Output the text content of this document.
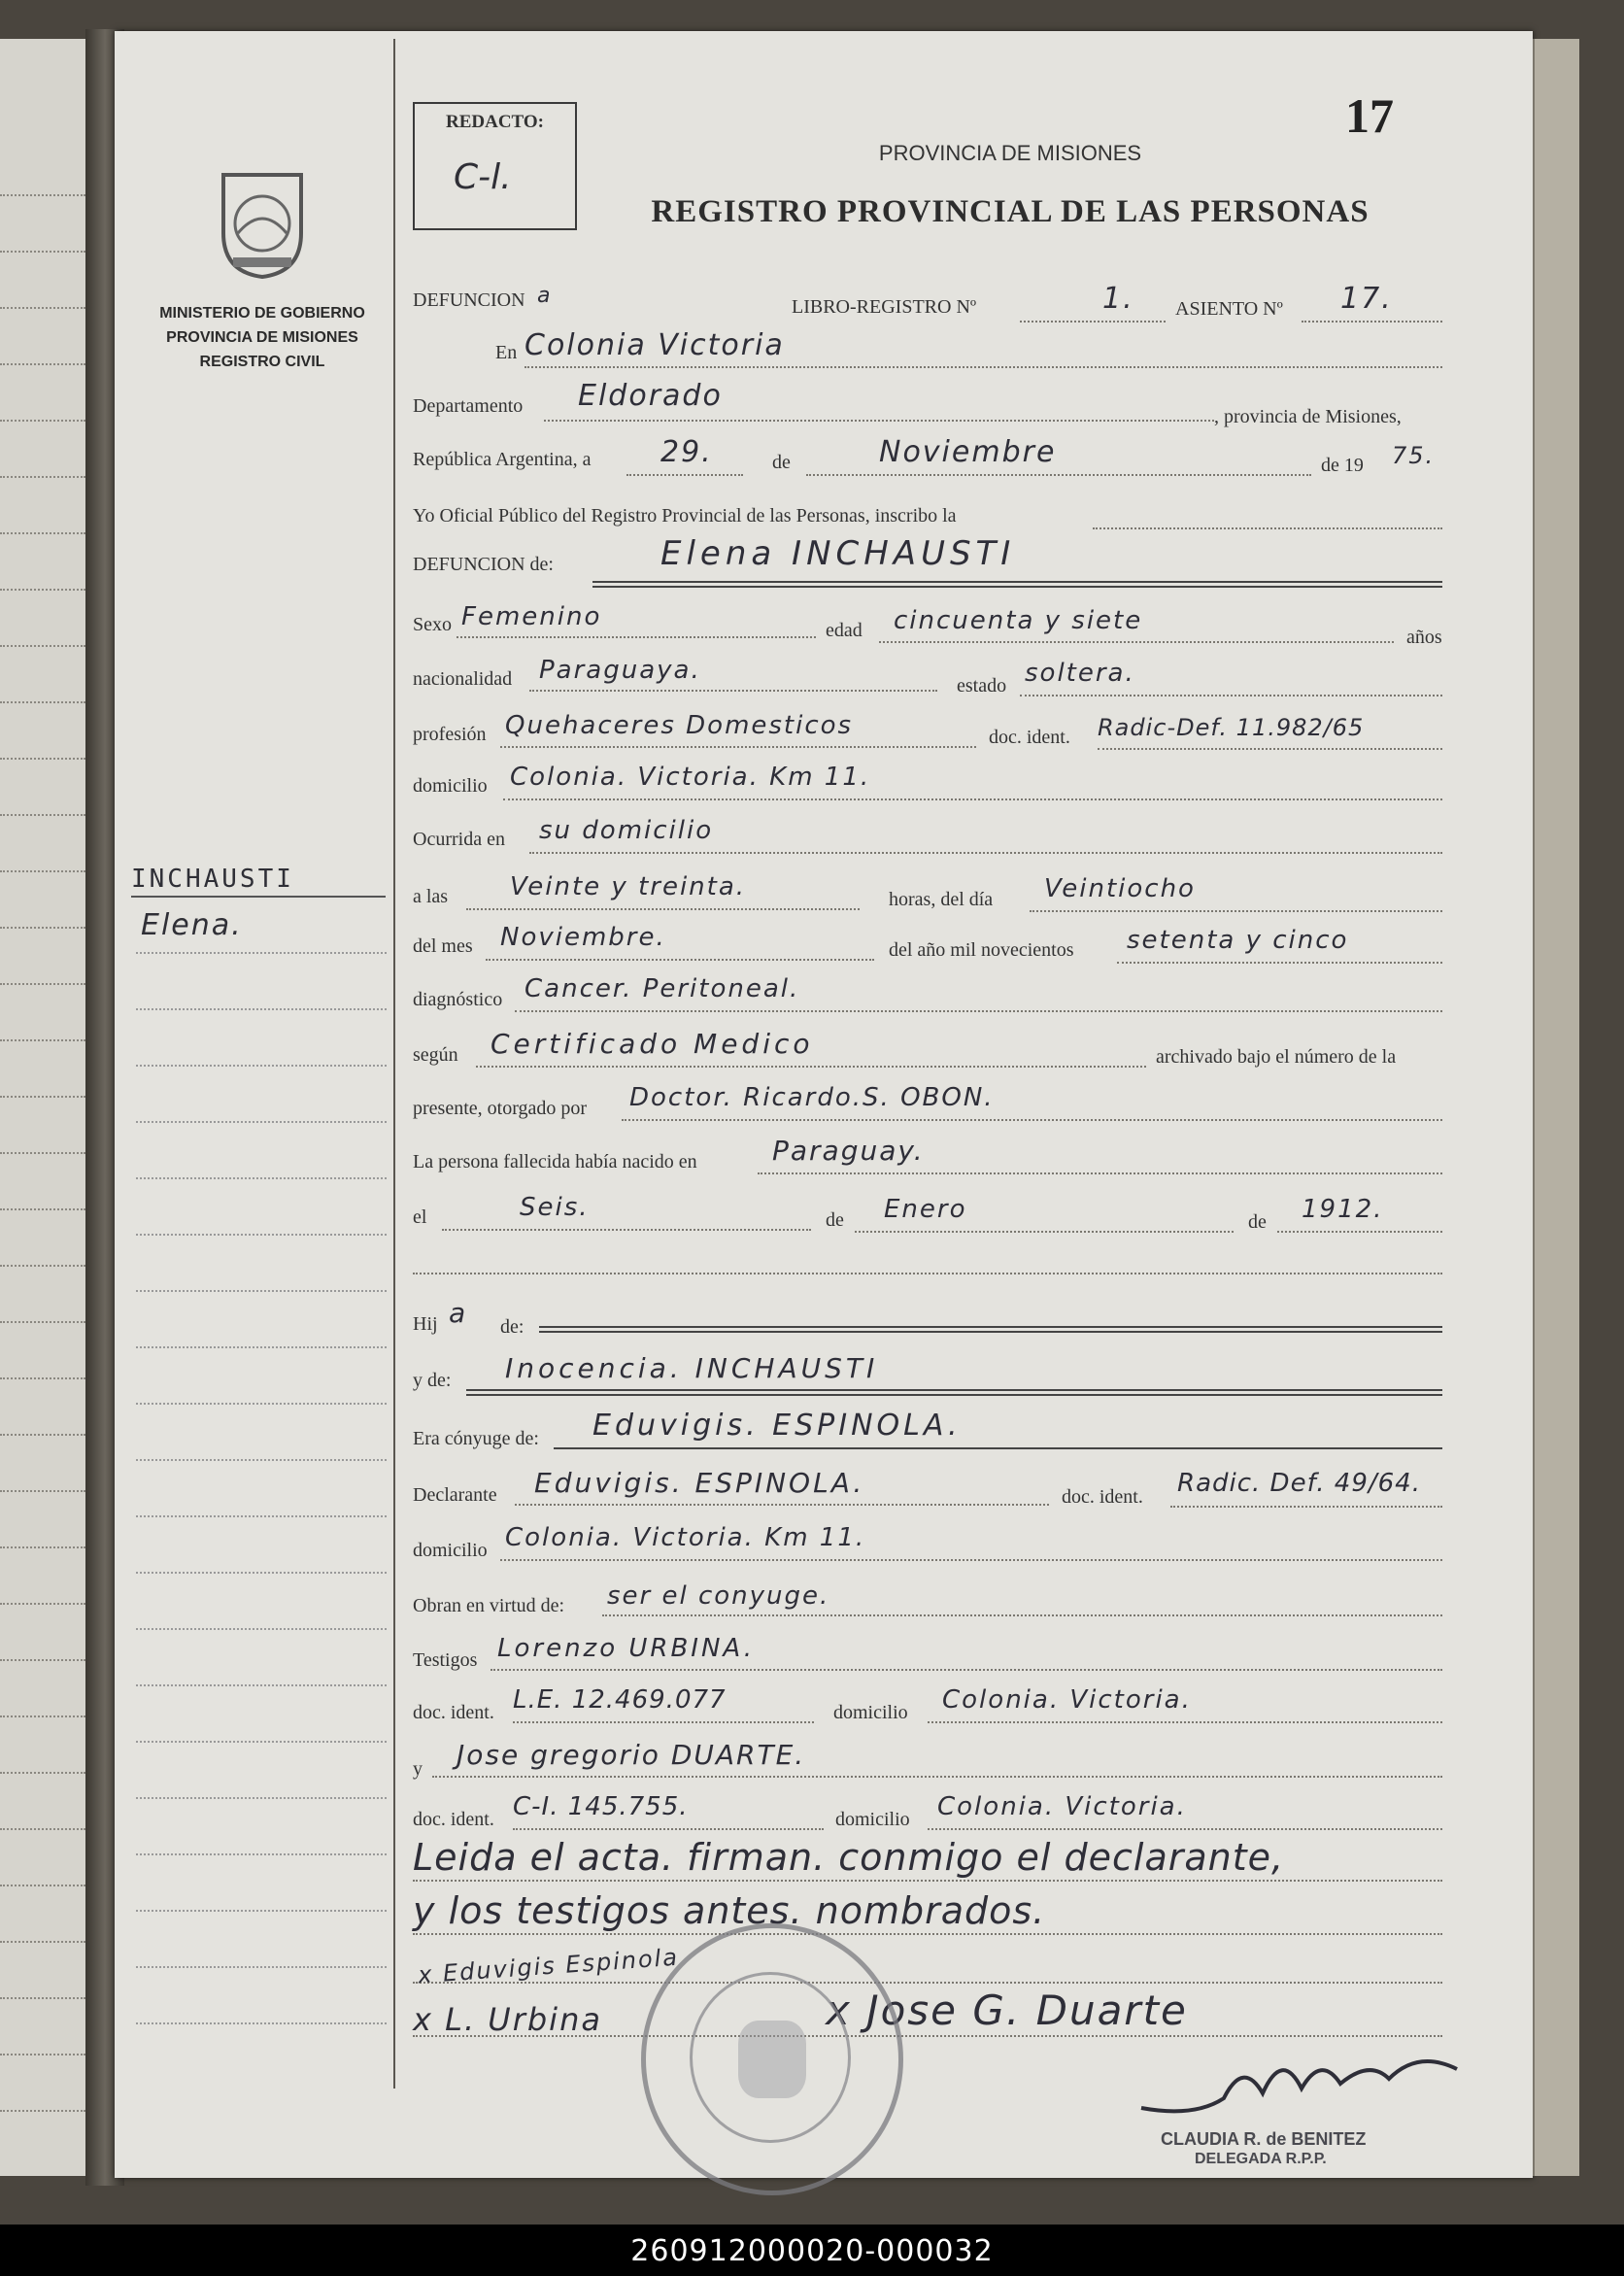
MINISTERIO DE GOBIERNO
PROVINCIA DE MISIONES
REGISTRO CIVIL
INCHAUSTI
Elena.
REDACTO:
C-l.
17
PROVINCIA DE MISIONES
REGISTRO PROVINCIAL DE LAS PERSONAS
DEFUNCION a	LIBRO-REGISTRO Nº	1. ASIENTO Nº 17.
En Colonia Victoria
Departamento Eldorado
, provincia de Misiones,
República Argentina, a 29.	de	Noviembre	de 19 75.
Yo Oficial Público del Registro Provincial de las Personas, inscribo la
DEFUNCION de:	Elena INCHAUSTI
Sexo Femenino	edad cincuenta y siete
años
nacionalidad Paraguaya.
estado soltera.
profesión Quehaceres Domesticos	doc. ident. Radic-Def. 11.982/65
domicilio Colonia. Victoria. Km 11.
Ocurrida en su domicilio
a las Veinte y treinta.	horas, del día Veintiocho
del mes Noviembre.	del año mil novecientos setenta y cinco
diagnóstico Cancer. Peritoneal.
según Certificado Medico	archivado bajo el número de la
presente, otorgado por Doctor. Ricardo.S. OBON.
La persona fallecida había nacido en	Paraguay.
el	Seis.	de Enero	de 1912.
Hij a de:
y de: Inocencia. INCHAUSTI
Era cónyuge de: Eduvigis. ESPINOLA.
Declarante Eduvigis. ESPINOLA.	doc. ident. Radic. Def. 49/64.
domicilio Colonia. Victoria. Km 11.
Obran en virtud de: ser el conyuge.
Testigos Lorenzo URBINA.
doc. ident. L.E. 12.469.077	domicilio Colonia. Victoria.
y Jose gregorio DUARTE.
doc. ident. C-I. 145.755.	domicilio Colonia. Victoria.
Leida el acta. firman. conmigo el declarante,
y los testigos antes. nombrados.
x Eduvigis Espinola
x L. Urbina	x Jose G. Duarte
CLAUDIA R. de BENITEZ
DELEGADA R.P.P.
260912000020-000032
